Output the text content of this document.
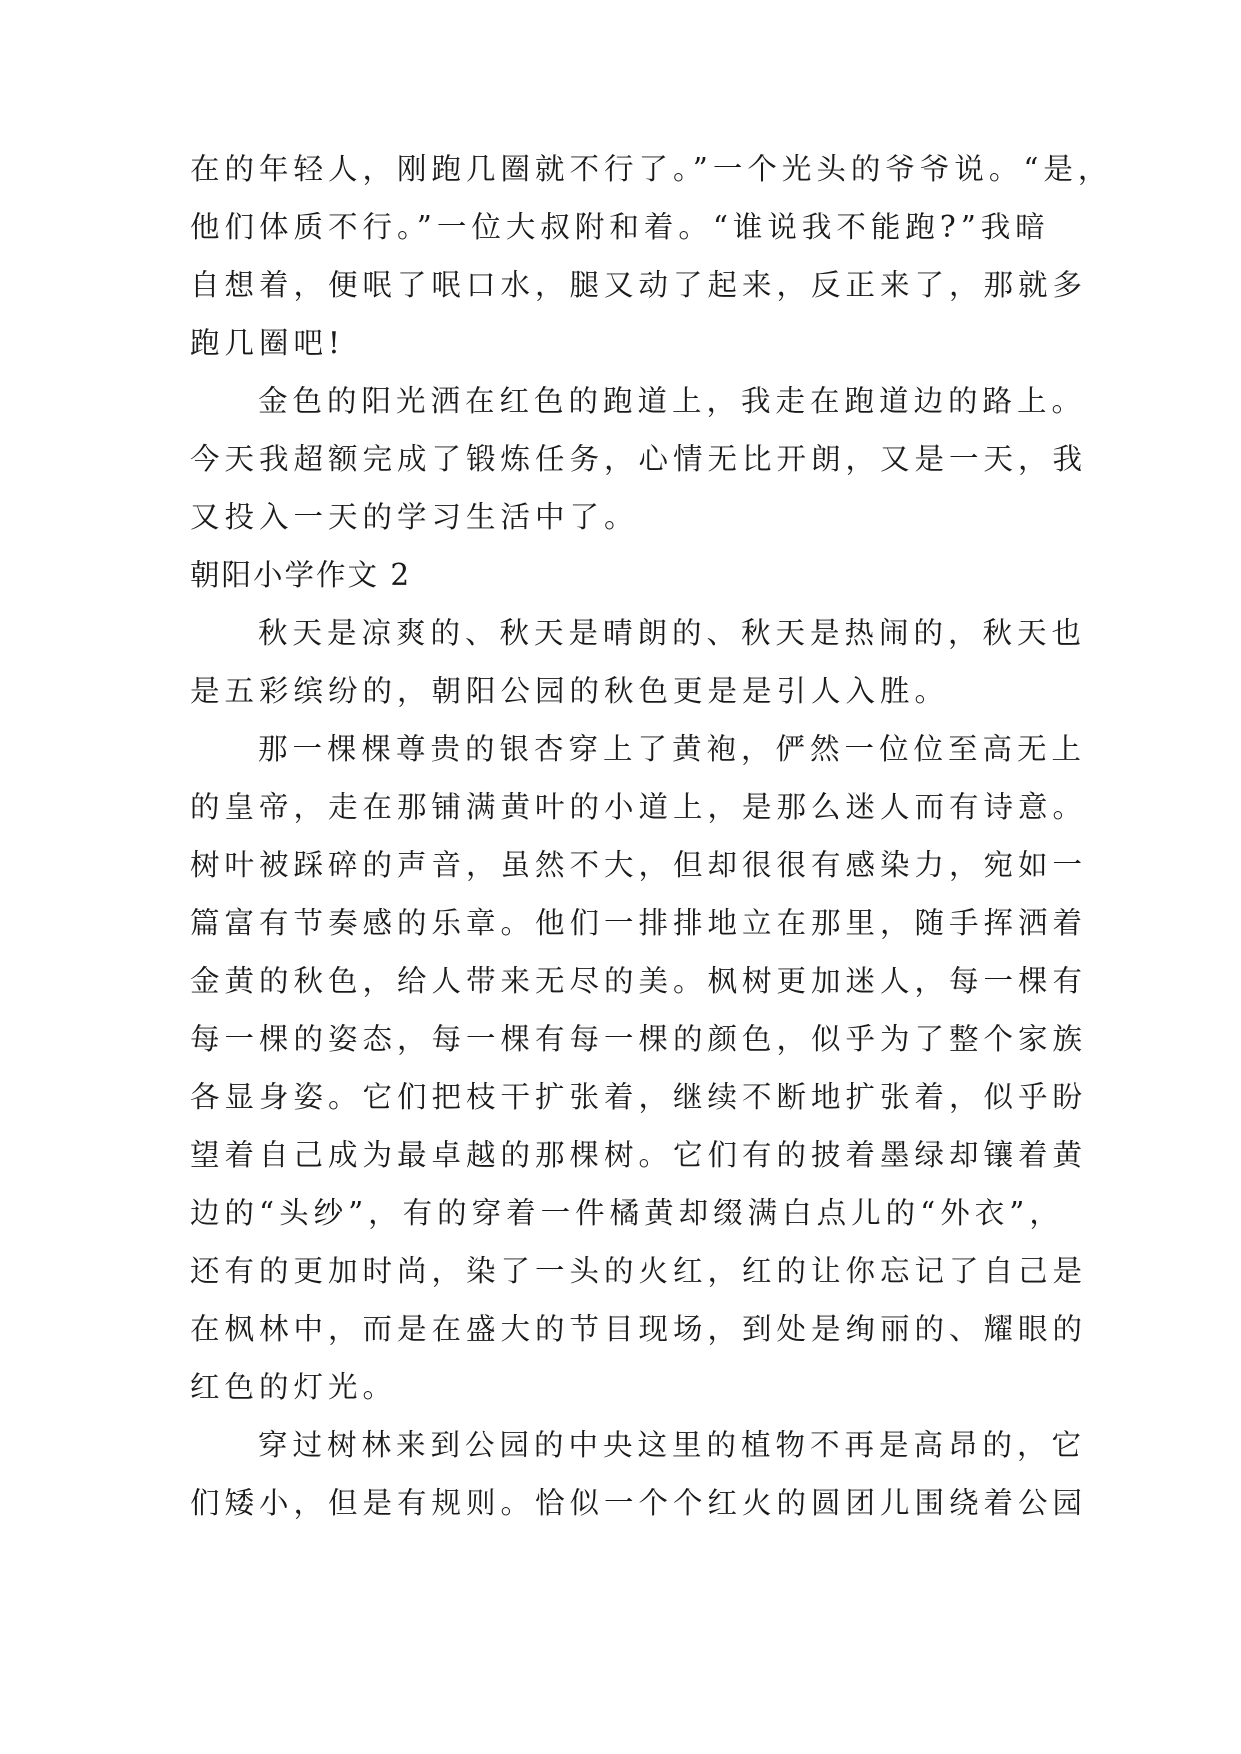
在的年轻人，刚跑几圈就不行了。”一个光头的爷爷说。“是，
他们体质不行。”一位大叔附和着。“谁说我不能跑?”我暗
自想着，便呡了呡口水，腿又动了起来，反正来了，那就多
跑几圈吧!
金色的阳光洒在红色的跑道上，我走在跑道边的路上。
今天我超额完成了锻炼任务，心情无比开朗，又是一天，我
又投入一天的学习生活中了。
朝阳小学作文 2
秋天是凉爽的、秋天是晴朗的、秋天是热闹的，秋天也
是五彩缤纷的，朝阳公园的秋色更是是引人入胜。
那一棵棵尊贵的银杏穿上了黄袍，俨然一位位至高无上
的皇帝，走在那铺满黄叶的小道上，是那么迷人而有诗意。
树叶被踩碎的声音，虽然不大，但却很很有感染力，宛如一
篇富有节奏感的乐章。他们一排排地立在那里，随手挥洒着
金黄的秋色，给人带来无尽的美。枫树更加迷人，每一棵有
每一棵的姿态，每一棵有每一棵的颜色，似乎为了整个家族
各显身姿。它们把枝干扩张着，继续不断地扩张着，似乎盼
望着自己成为最卓越的那棵树。它们有的披着墨绿却镶着黄
边的“头纱”，有的穿着一件橘黄却缀满白点儿的“外衣”，
还有的更加时尚，染了一头的火红，红的让你忘记了自己是
在枫林中，而是在盛大的节目现场，到处是绚丽的、耀眼的
红色的灯光。
穿过树林来到公园的中央这里的植物不再是高昂的，它
们矮小，但是有规则。恰似一个个红火的圆团儿围绕着公园
